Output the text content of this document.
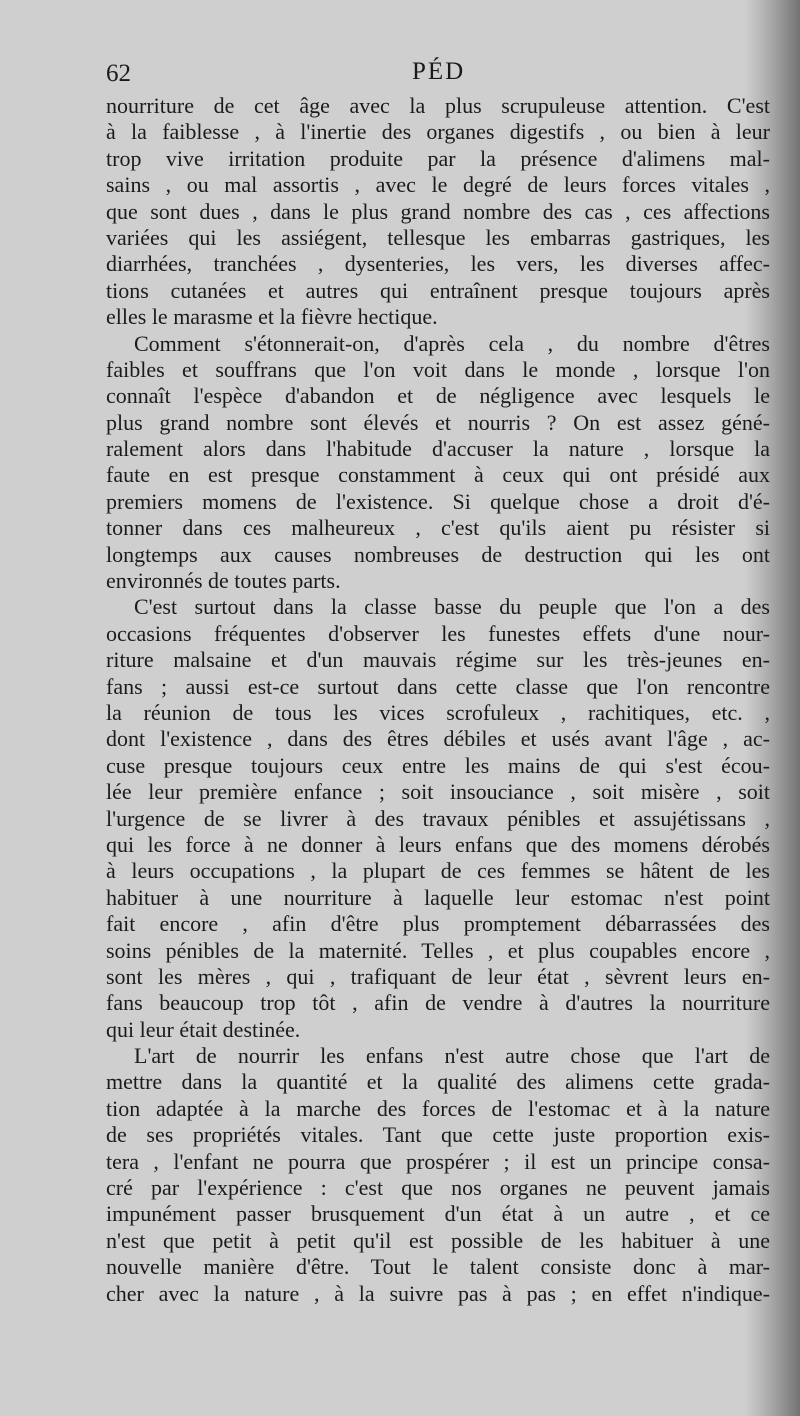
62	PÉD
nourriture de cet âge avec la plus scrupuleuse attention. C'est
à la faiblesse , à l'inertie des organes digestifs , ou bien à leur
trop vive irritation produite par la présence d'alimens mal-
sains , ou mal assortis , avec le degré de leurs forces vitales ,
que sont dues , dans le plus grand nombre des cas , ces affections
variées qui les assiégent, tellesque les embarras gastriques, les
diarrhées, tranchées , dysenteries, les vers, les diverses affec-
tions cutanées et autres qui entraînent presque toujours après
elles le marasme et la fièvre hectique.
Comment s'étonnerait-on, d'après cela , du nombre d'êtres
faibles et souffrans que l'on voit dans le monde , lorsque l'on
connaît l'espèce d'abandon et de négligence avec lesquels le
plus grand nombre sont élevés et nourris ? On est assez géné-
ralement alors dans l'habitude d'accuser la nature , lorsque la
faute en est presque constamment à ceux qui ont présidé aux
premiers momens de l'existence. Si quelque chose a droit d'é-
tonner dans ces malheureux , c'est qu'ils aient pu résister si
longtemps aux causes nombreuses de destruction qui les ont
environnés de toutes parts.
C'est surtout dans la classe basse du peuple que l'on a des
occasions fréquentes d'observer les funestes effets d'une nour-
riture malsaine et d'un mauvais régime sur les très-jeunes en-
fans ; aussi est-ce surtout dans cette classe que l'on rencontre
la réunion de tous les vices scrofuleux , rachitiques, etc. ,
dont l'existence , dans des êtres débiles et usés avant l'âge , ac-
cuse presque toujours ceux entre les mains de qui s'est écou-
lée leur première enfance ; soit insouciance , soit misère , soit
l'urgence de se livrer à des travaux pénibles et assujétissans ,
qui les force à ne donner à leurs enfans que des momens dérobés
à leurs occupations , la plupart de ces femmes se hâtent de les
habituer à une nourriture à laquelle leur estomac n'est point
fait encore , afin d'être plus promptement débarrassées des
soins pénibles de la maternité. Telles , et plus coupables encore ,
sont les mères , qui , trafiquant de leur état , sèvrent leurs en-
fans beaucoup trop tôt , afin de vendre à d'autres la nourriture
qui leur était destinée.
L'art de nourrir les enfans n'est autre chose que l'art de
mettre dans la quantité et la qualité des alimens cette grada-
tion adaptée à la marche des forces de l'estomac et à la nature
de ses propriétés vitales. Tant que cette juste proportion exis-
tera , l'enfant ne pourra que prospérer ; il est un principe consa-
cré par l'expérience : c'est que nos organes ne peuvent jamais
impunément passer brusquement d'un état à un autre , et ce
n'est que petit à petit qu'il est possible de les habituer à une
nouvelle manière d'être. Tout le talent consiste donc à mar-
cher avec la nature , à la suivre pas à pas ; en effet n'indique-
